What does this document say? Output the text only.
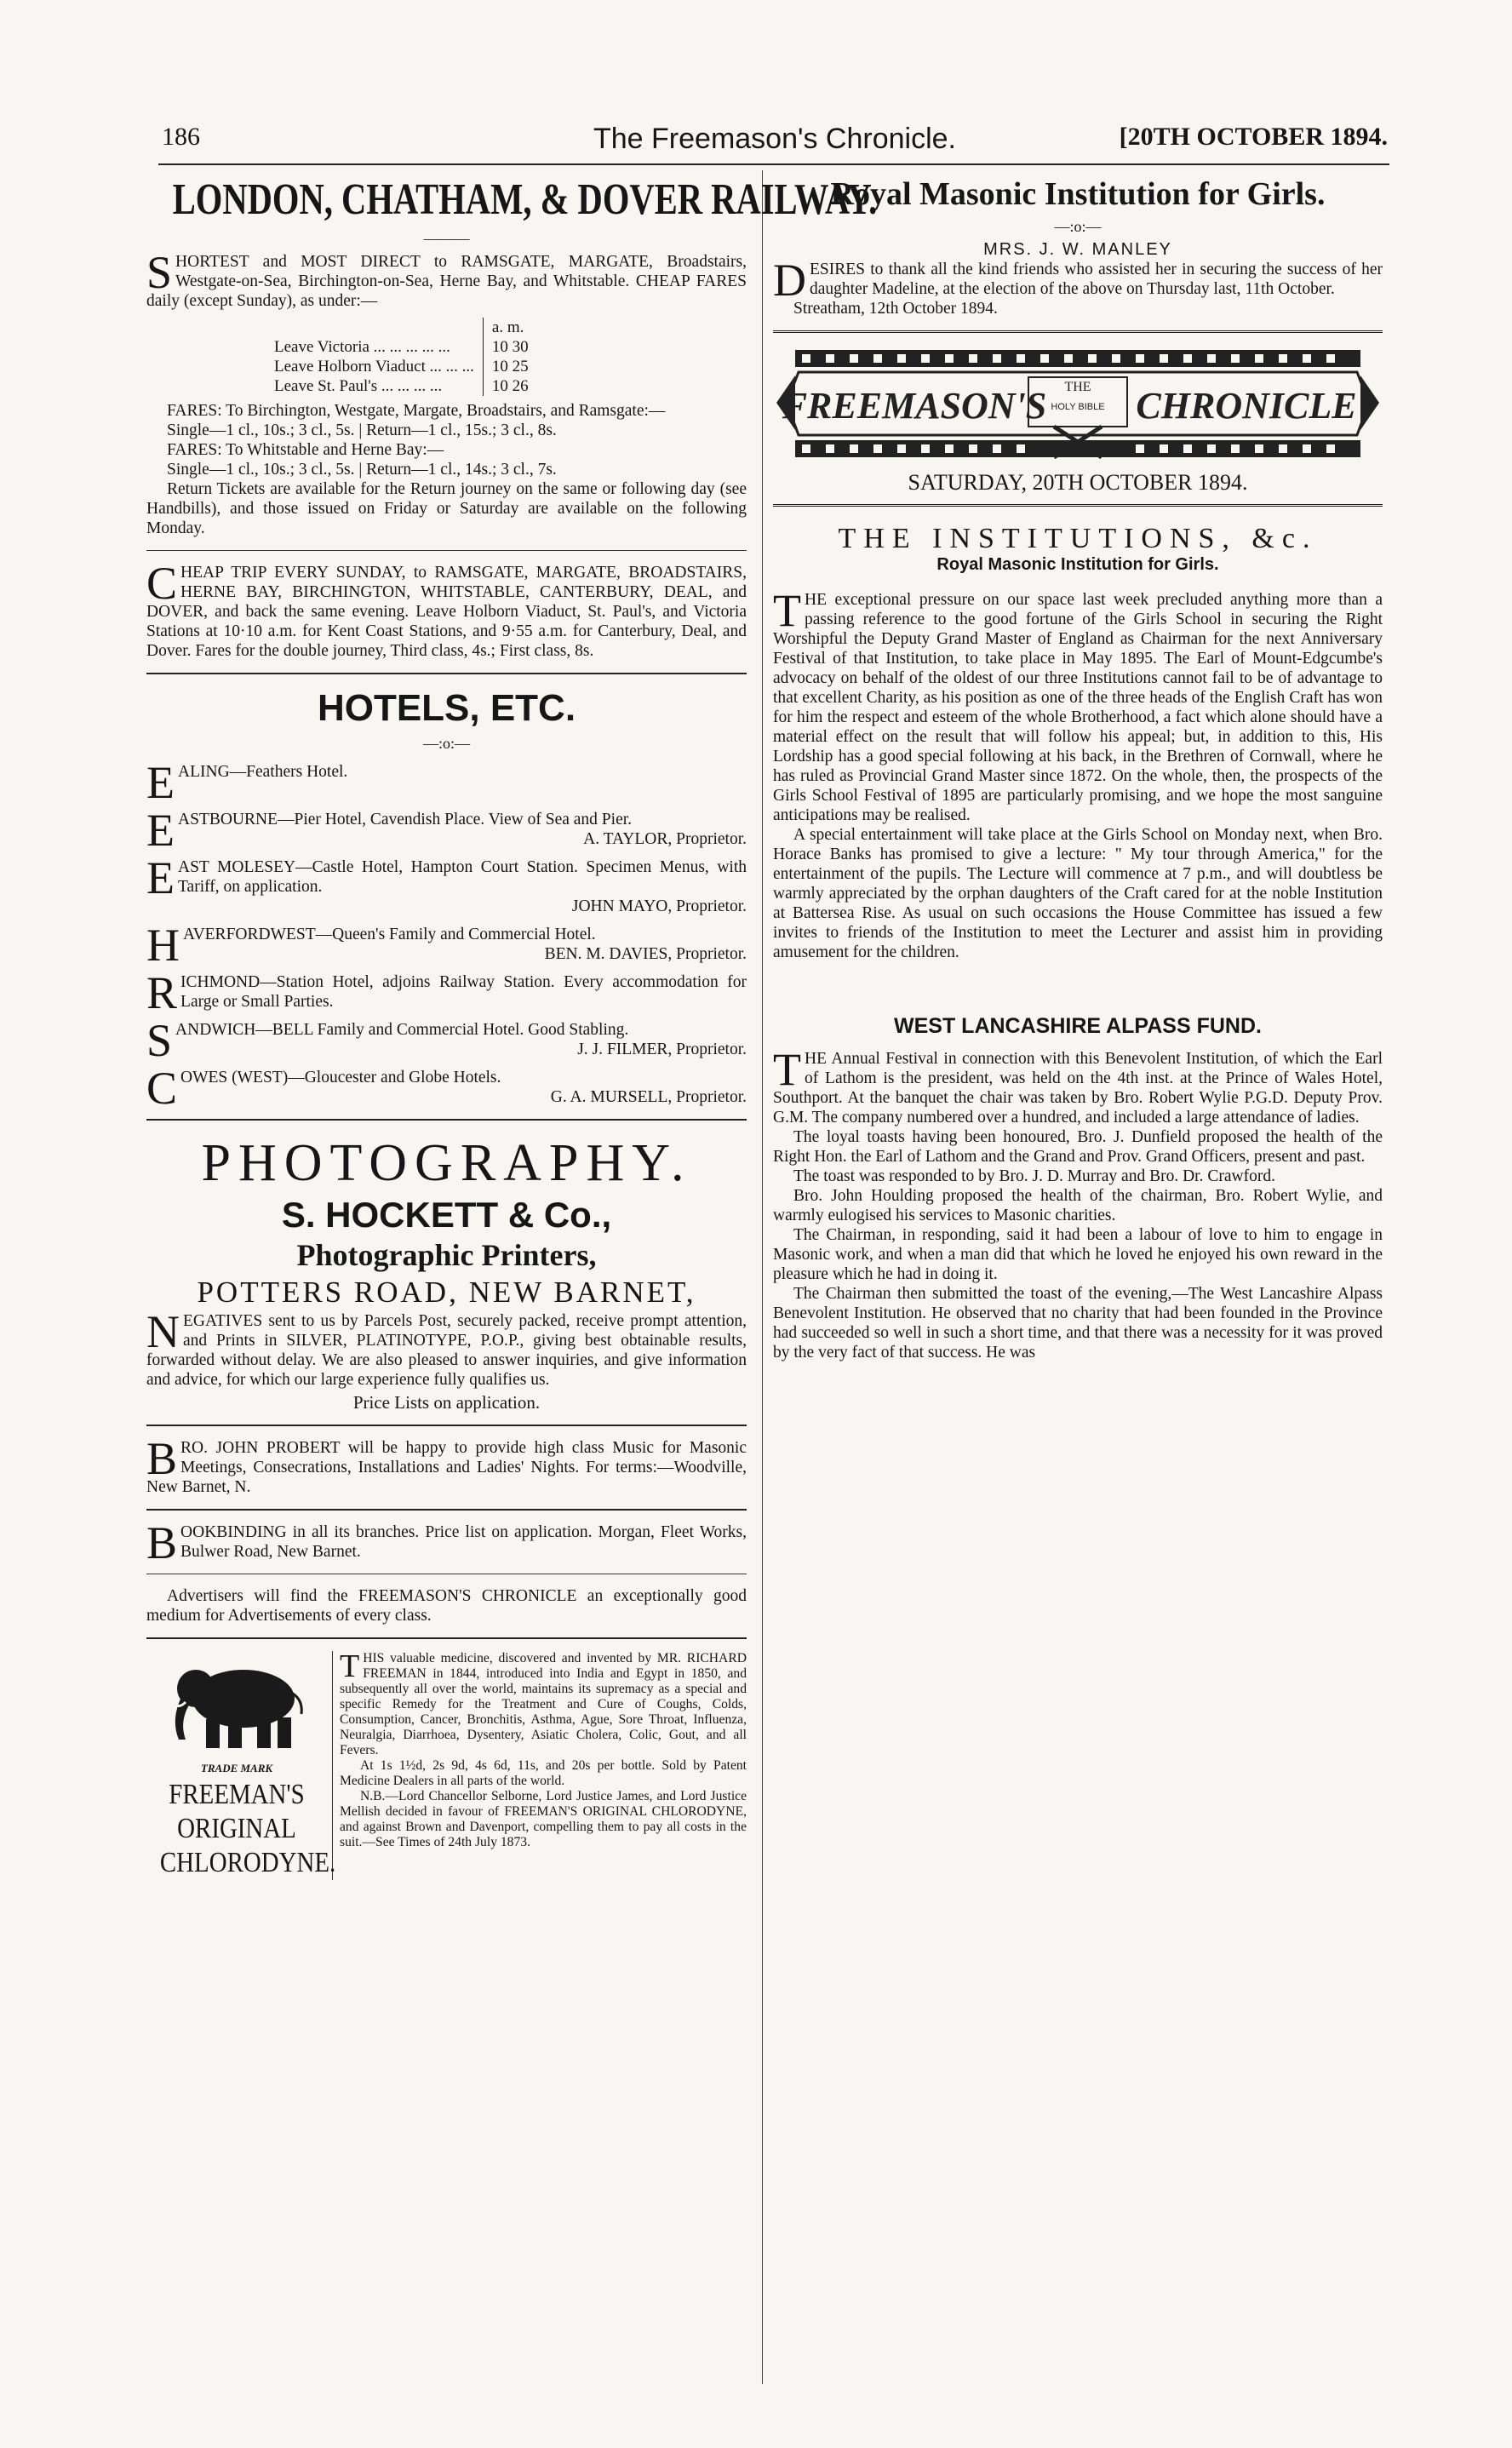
186	The Freemason's Chronicle.	[20TH OCTOBER 1894.
LONDON, CHATHAM, & DOVER RAILWAY.
———

SHORTEST and MOST DIRECT to RAMSGATE, MARGATE, Broadstairs, Westgate-on-Sea, Birchington-on-Sea, Herne Bay, and Whitstable. CHEAP FARES daily (except Sunday), as under:—

	a. m.
Leave Victoria ... ... ... ... ...	10 30
Leave Holborn Viaduct ... ... ...	10 25
Leave St. Paul's ... ... ... ...	10 26

FARES: To Birchington, Westgate, Margate, Broadstairs, and Ramsgate:—

Single—1 cl., 10s.; 3 cl., 5s. | Return—1 cl., 15s.; 3 cl., 8s.

FARES: To Whitstable and Herne Bay:—

Single—1 cl., 10s.; 3 cl., 5s. | Return—1 cl., 14s.; 3 cl., 7s.

Return Tickets are available for the Return journey on the same or following day (see Handbills), and those issued on Friday or Saturday are available on the following Monday.

CHEAP TRIP EVERY SUNDAY, to RAMSGATE, MARGATE, BROADSTAIRS, HERNE BAY, BIRCHINGTON, WHITSTABLE, CANTERBURY, DEAL, and DOVER, and back the same evening. Leave Holborn Viaduct, St. Paul's, and Victoria Stations at 10·10 a.m. for Kent Coast Stations, and 9·55 a.m. for Canterbury, Deal, and Dover. Fares for the double journey, Third class, 4s.; First class, 8s.

HOTELS, ETC.
—:o:—

EALING—Feathers Hotel.

EASTBOURNE—Pier Hotel, Cavendish Place. View of Sea and Pier.

A. TAYLOR, Proprietor.

EAST MOLESEY—Castle Hotel, Hampton Court Station. Specimen Menus, with Tariff, on application.

JOHN MAYO, Proprietor.

HAVERFORDWEST—Queen's Family and Commercial Hotel.

BEN. M. DAVIES, Proprietor.

RICHMOND—Station Hotel, adjoins Railway Station. Every accommodation for Large or Small Parties.

SANDWICH—BELL Family and Commercial Hotel. Good Stabling.

J. J. FILMER, Proprietor.

COWES (WEST)—Gloucester and Globe Hotels.

G. A. MURSELL, Proprietor.

PHOTOGRAPHY.
S. HOCKETT & Co.,
Photographic Printers,
POTTERS ROAD, NEW BARNET,

NEGATIVES sent to us by Parcels Post, securely packed, receive prompt attention, and Prints in SILVER, PLATINOTYPE, P.O.P., giving best obtainable results, forwarded without delay. We are also pleased to answer inquiries, and give information and advice, for which our large experience fully qualifies us.

Price Lists on application.

BRO. JOHN PROBERT will be happy to provide high class Music for Masonic Meetings, Consecrations, Installations and Ladies' Nights. For terms:—Woodville, New Barnet, N.

BOOKBINDING in all its branches. Price list on application. Morgan, Fleet Works, Bulwer Road, New Barnet.

Advertisers will find the FREEMASON'S CHRONICLE an exceptionally good medium for Advertisements of every class.

TRADE MARK
FREEMAN'S
ORIGINAL
CHLORODYNE.

THIS valuable medicine, discovered and invented by MR. RICHARD FREEMAN in 1844, introduced into India and Egypt in 1850, and subsequently all over the world, maintains its supremacy as a special and specific Remedy for the Treatment and Cure of Coughs, Colds, Consumption, Cancer, Bronchitis, Asthma, Ague, Sore Throat, Influenza, Neuralgia, Diarrhoea, Dysentery, Asiatic Cholera, Colic, Gout, and all Fevers.

At 1s 1½d, 2s 9d, 4s 6d, 11s, and 20s per bottle. Sold by Patent Medicine Dealers in all parts of the world.

N.B.—Lord Chancellor Selborne, Lord Justice James, and Lord Justice Mellish decided in favour of FREEMAN'S ORIGINAL CHLORODYNE, and against Brown and Davenport, compelling them to pay all costs in the suit.—See Times of 24th July 1873.

Royal Masonic Institution for Girls.
—:o:—
MRS. J. W. MANLEY

DESIRES to thank all the kind friends who assisted her in securing the success of her daughter Madeline, at the election of the above on Thursday last, 11th October.

Streatham, 12th October 1894.

THE
HOLY BIBLE
FREEMASON'S CHRONICLE
SATURDAY, 20TH OCTOBER 1894.
THE INSTITUTIONS, &c.
Royal Masonic Institution for Girls.

THE exceptional pressure on our space last week precluded anything more than a passing reference to the good fortune of the Girls School in securing the Right Worshipful the Deputy Grand Master of England as Chairman for the next Anniversary Festival of that Institution, to take place in May 1895. The Earl of Mount-Edgcumbe's advocacy on behalf of the oldest of our three Institutions cannot fail to be of advantage to that excellent Charity, as his position as one of the three heads of the English Craft has won for him the respect and esteem of the whole Brotherhood, a fact which alone should have a material effect on the result that will follow his appeal; but, in addition to this, His Lordship has a good special following at his back, in the Brethren of Cornwall, where he has ruled as Provincial Grand Master since 1872. On the whole, then, the prospects of the Girls School Festival of 1895 are particularly promising, and we hope the most sanguine anticipations may be realised.

A special entertainment will take place at the Girls School on Monday next, when Bro. Horace Banks has promised to give a lecture: " My tour through America," for the entertainment of the pupils. The Lecture will commence at 7 p.m., and will doubtless be warmly appreciated by the orphan daughters of the Craft cared for at the noble Institution at Battersea Rise. As usual on such occasions the House Committee has issued a few invites to friends of the Institution to meet the Lecturer and assist him in providing amusement for the children.

WEST LANCASHIRE ALPASS FUND.

THE Annual Festival in connection with this Benevolent Institution, of which the Earl of Lathom is the president, was held on the 4th inst. at the Prince of Wales Hotel, Southport. At the banquet the chair was taken by Bro. Robert Wylie P.G.D. Deputy Prov. G.M. The company numbered over a hundred, and included a large attendance of ladies.

The loyal toasts having been honoured, Bro. J. Dunfield proposed the health of the Right Hon. the Earl of Lathom and the Grand and Prov. Grand Officers, present and past.

The toast was responded to by Bro. J. D. Murray and Bro. Dr. Crawford.

Bro. John Houlding proposed the health of the chairman, Bro. Robert Wylie, and warmly eulogised his services to Masonic charities.

The Chairman, in responding, said it had been a labour of love to him to engage in Masonic work, and when a man did that which he loved he enjoyed his own reward in the pleasure which he had in doing it.

The Chairman then submitted the toast of the evening,—The West Lancashire Alpass Benevolent Institution. He observed that no charity that had been founded in the Province had succeeded so well in such a short time, and that there was a necessity for it was proved by the very fact of that success. He was
